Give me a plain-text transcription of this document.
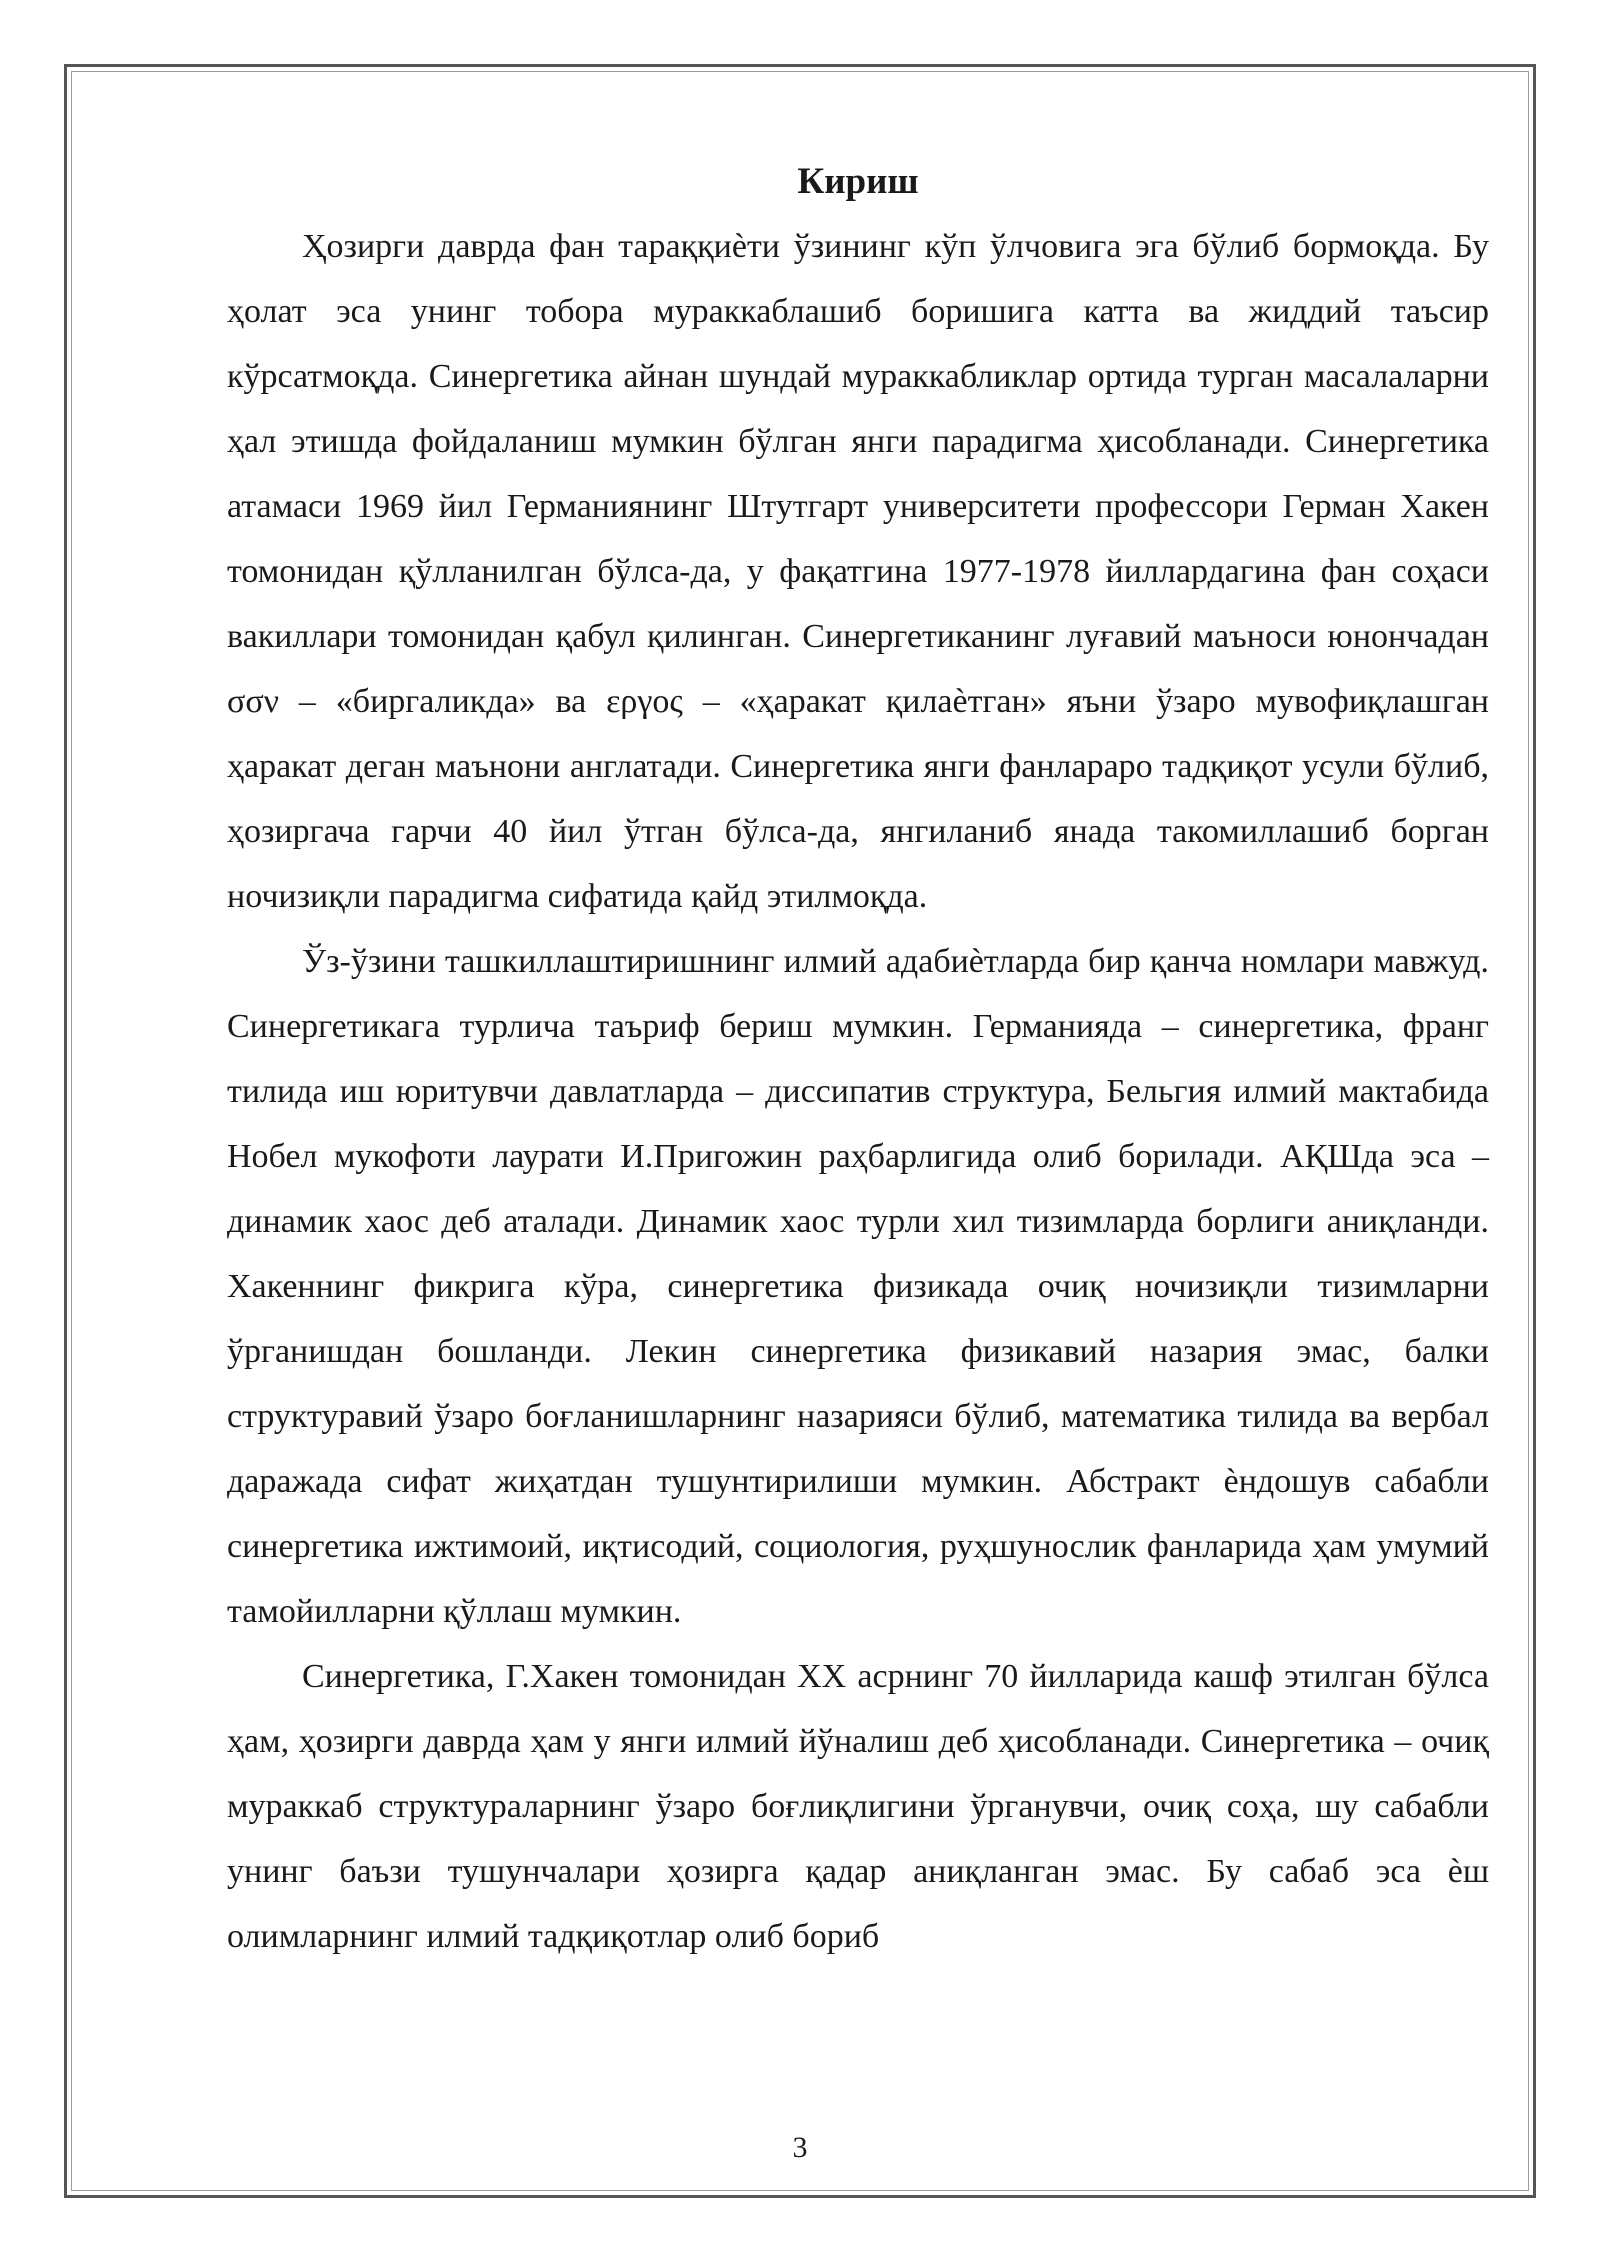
Кириш

Ҳозирги даврда фан тараққиѐти ўзининг кўп ўлчовига эга бўлиб бормоқда. Бу ҳолат эса унинг тобора мураккаблашиб боришига катта ва жиддий таъсир кўрсатмоқда. Синергетика айнан шундай мураккабликлар ортида турган масалаларни ҳал этишда фойдаланиш мумкин бўлган янги парадигма ҳисобланади. Синергетика атамаси 1969 йил Германиянинг Штутгарт университети профессори Герман Хакен томонидан қўлланилган бўлса-да, у фақатгина 1977-1978 йиллардагина фан соҳаси вакиллари томонидан қабул қилинган. Синергетиканинг луғавий маъноси юнончадан σσν – «биргаликда» ва εργος – «ҳаракат қилаѐтган» яъни ўзаро мувофиқлашган ҳаракат деган маънони англатади. Синергетика янги фанлараро тадқиқот усули бўлиб, ҳозиргача гарчи 40 йил ўтган бўлса-да, янгиланиб янада такомиллашиб борган ночизиқли парадигма сифатида қайд этилмоқда.

Ўз-ўзини ташкиллаштиришнинг илмий адабиѐтларда бир қанча номлари мавжуд. Синергетикага турлича таъриф бериш мумкин. Германияда – синергетика, франг тилида иш юритувчи давлатларда – диссипатив структура, Бельгия илмий мактабида Нобел мукофоти лаурати И.Пригожин раҳбарлигида олиб борилади. АҚШда эса – динамик хаос деб аталади. Динамик хаос турли хил тизимларда борлиги аниқланди. Хакеннинг фикрига кўра, синергетика физикада очиқ ночизиқли тизимларни ўрганишдан бошланди. Лекин синергетика физикавий назария эмас, балки структуравий ўзаро боғланишларнинг назарияси бўлиб, математика тилида ва вербал даражада сифат жиҳатдан тушунтирилиши мумкин. Абстракт ѐндошув сабабли синергетика ижтимоий, иқтисодий, социология, руҳшунослик фанларида ҳам умумий тамойилларни қўллаш мумкин.

Синергетика, Г.Хакен томонидан XX асрнинг 70 йилларида кашф этилган бўлса ҳам, ҳозирги даврда ҳам у янги илмий йўналиш деб ҳисобланади. Синергетика – очиқ мураккаб структураларнинг ўзаро боғлиқлигини ўрганувчи, очиқ соҳа, шу сабабли унинг баъзи тушунчалари ҳозирга қадар аниқланган эмас. Бу сабаб эса ѐш олимларнинг илмий тадқиқотлар олиб бориб

3
